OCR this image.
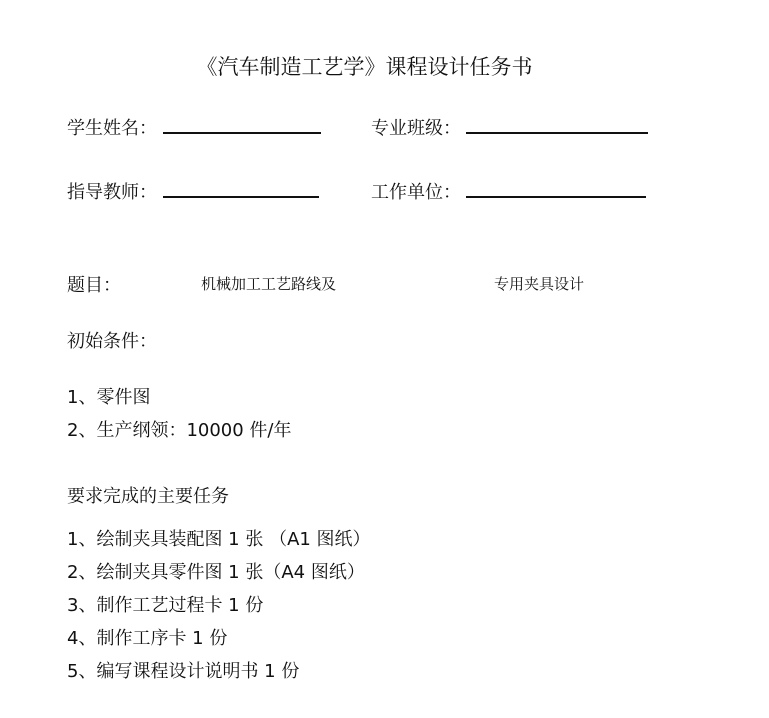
《汽车制造工艺学》课程设计任务书
学生姓名：	专业班级：
指导教师：	工作单位：
题目：	机械加工工艺路线及	专用夹具设计
初始条件：
1、零件图
2、生产纲领：10000 件/年
要求完成的主要任务
1、绘制夹具装配图 1 张 （A1 图纸）
2、绘制夹具零件图 1 张（A4 图纸）
3、制作工艺过程卡 1 份
4、制作工序卡 1 份
5、编写课程设计说明书 1 份
